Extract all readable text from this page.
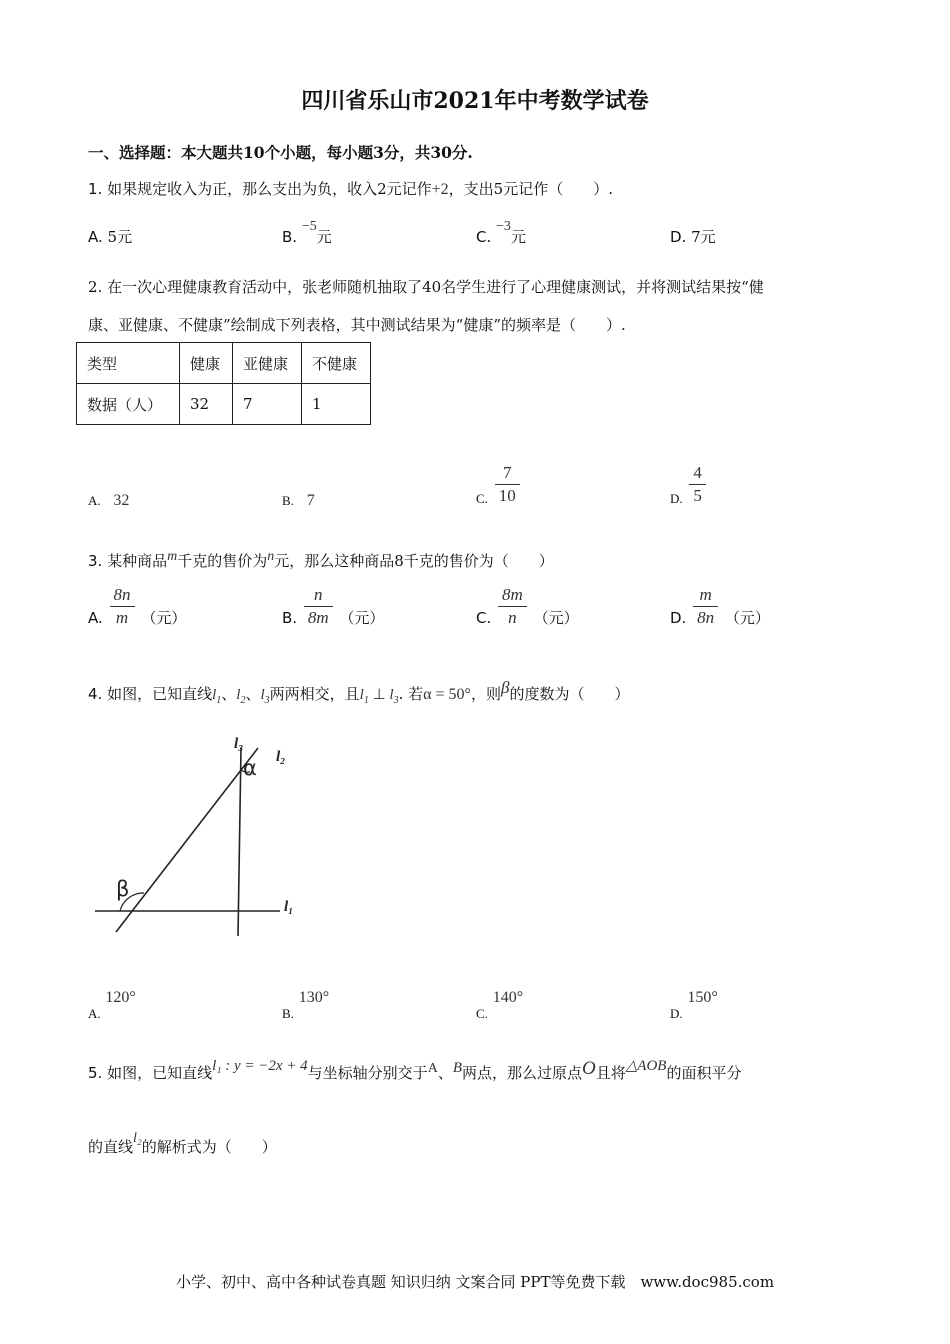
四川省乐山市2021年中考数学试卷
一、选择题：本大题共10个小题，每小题3分，共30分.
1. 如果规定收入为正，那么支出为负，收入2元记作+2，支出5元记作（　　）.
A. 5元	B. −5元	C. −3元	D. 7元
2. 在一次心理健康教育活动中，张老师随机抽取了40名学生进行了心理健康测试，并将测试结果按“健
康、亚健康、不健康”绘制成下列表格，其中测试结果为“健康”的频率是（　　）.
类型	健康	亚健康	不健康
数据（人）	32	7	1
A. 32	B. 7	C. $\frac{7}{10}$	D. $\frac{4}{5}$
3. 某种商品m千克的售价为n元，那么这种商品8千克的售价为（　　）
A. $\frac{8n}{m}$ （元）	B. $\frac{n}{8m}$ （元）	C. $\frac{8m}{n}$ （元）	D. $\frac{m}{8n}$ （元）
4. 如图，已知直线$l_1$、$l_2$、$l_3$两两相交，且$l_1$ ⊥ $l_3$. 若α = 50°，则β的度数为（　　）
l₃
l₂
l₁
α
β
A. 120°
B. 130°
C. 140°
D. 150°
5. 如图，已知直线l₁ : y = −2x + 4与坐标轴分别交于A、B两点，那么过原点O且将△AOB的面积平分
的直线l₂的解析式为（　　）
小学、初中、高中各种试卷真题 知识归纳 文案合同 PPT等免费下载　www.doc985.com
